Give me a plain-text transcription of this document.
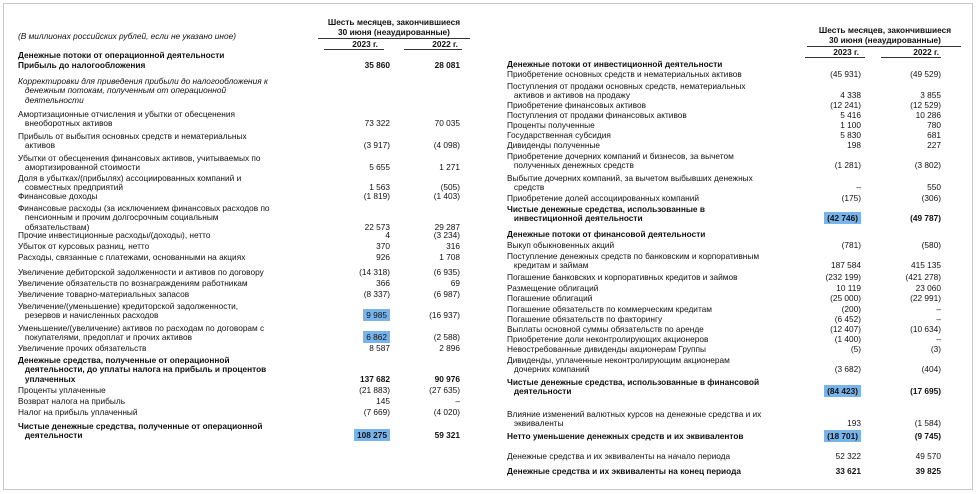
(В миллионах российских рублей, если не указано иное)
Шесть месяцев, закончившиеся
30 июня (неаудированные)
2023 г.	2022 г.
Денежные потоки от операционной деятельности
Прибыль до налогообложения	35 860	28 081
Корректировки для приведения прибыли до налогообложения к
денежным потокам, полученным от операционной
деятельности
Амортизационные отчисления и убытки от обесценения
внеоборотных активов	73 322	70 035
Прибыль от выбытия основных средств и нематериальных
активов	(3 917)	(4 098)
Убытки от обесценения финансовых активов, учитываемых по
амортизированной стоимости	5 655	1 271
Доля в убытках/(прибылях) ассоциированных компаний и
совместных предприятий	1 563	(505)
Финансовые доходы	(1 819)	(1 403)
Финансовые расходы (за исключением финансовых расходов по
пенсионным и прочим долгосрочным социальным
обязательствам)	22 573	29 287
Прочие инвестиционные расходы/(доходы), нетто	4	(3 234)
Убыток от курсовых разниц, нетто	370	316
Расходы, связанные с платежами, основанными на акциях	926	1 708
Увеличение дебиторской задолженности и активов по договору	(14 318)	(6 935)
Увеличение обязательств по вознаграждениям работникам	366	69
Увеличение товарно-материальных запасов	(8 337)	(6 987)
Увеличение/(уменьшение) кредиторской задолженности,
резервов и начисленных расходов	9 985	(16 937)
Уменьшение/(увеличение) активов по расходам по договорам с
покупателями, предоплат и прочих активов	6 862	(2 588)
Увеличение прочих обязательств	8 587	2 896
Денежные средства, полученные от операционной
деятельности, до уплаты налога на прибыль и процентов
уплаченных	137 682	90 976
Проценты уплаченные	(21 883)	(27 635)
Возврат налога на прибыль	145	–
Налог на прибыль уплаченный	(7 669)	(4 020)
Чистые денежные средства, полученные от операционной
деятельности	108 275	59 321
Шесть месяцев, закончившиеся
30 июня (неаудированные)
2023 г.	2022 г.
Денежные потоки от инвестиционной деятельности
Приобретение основных средств и нематериальных активов	(45 931)	(49 529)
Поступления от продажи основных средств, нематериальных
активов и активов на продажу	4 338	3 855
Приобретение финансовых активов	(12 241)	(12 529)
Поступления от продажи финансовых активов	5 416	10 286
Проценты полученные	1 100	780
Государственная субсидия	5 830	681
Дивиденды полученные	198	227
Приобретение дочерних компаний и бизнесов, за вычетом
полученных денежных средств	(1 281)	(3 802)
Выбытие дочерних компаний, за вычетом выбывших денежных
средств	–	550
Приобретение долей ассоциированных компаний	(175)	(306)
Чистые денежные средства, использованные в
инвестиционной деятельности	(42 746)	(49 787)
Денежные потоки от финансовой деятельности
Выкуп обыкновенных акций	(781)	(580)
Поступление денежных средств по банковским и корпоративным
кредитам и займам	187 584	415 135
Погашение банковских и корпоративных кредитов и займов	(232 199)	(421 278)
Размещение облигаций	10 119	23 060
Погашение облигаций	(25 000)	(22 991)
Погашение обязательств по коммерческим кредитам	(200)	–
Погашение обязательств по факторингу	(6 452)	–
Выплаты основной суммы обязательств по аренде	(12 407)	(10 634)
Приобретение доли неконтролирующих акционеров	(1 400)	–
Невостребованные дивиденды акционерам Группы	(5)	(3)
Дивиденды, уплаченные неконтролирующим акционерам
дочерних компаний	(3 682)	(404)
Чистые денежные средства, использованные в финансовой
деятельности	(84 423)	(17 695)
Влияние изменений валютных курсов на денежные средства и их
эквиваленты	193	(1 584)
Нетто уменьшение денежных средств и их эквивалентов	(18 701)	(9 745)
Денежные средства и их эквиваленты на начало периода	52 322	49 570
Денежные средства и их эквиваленты на конец периода	33 621	39 825
